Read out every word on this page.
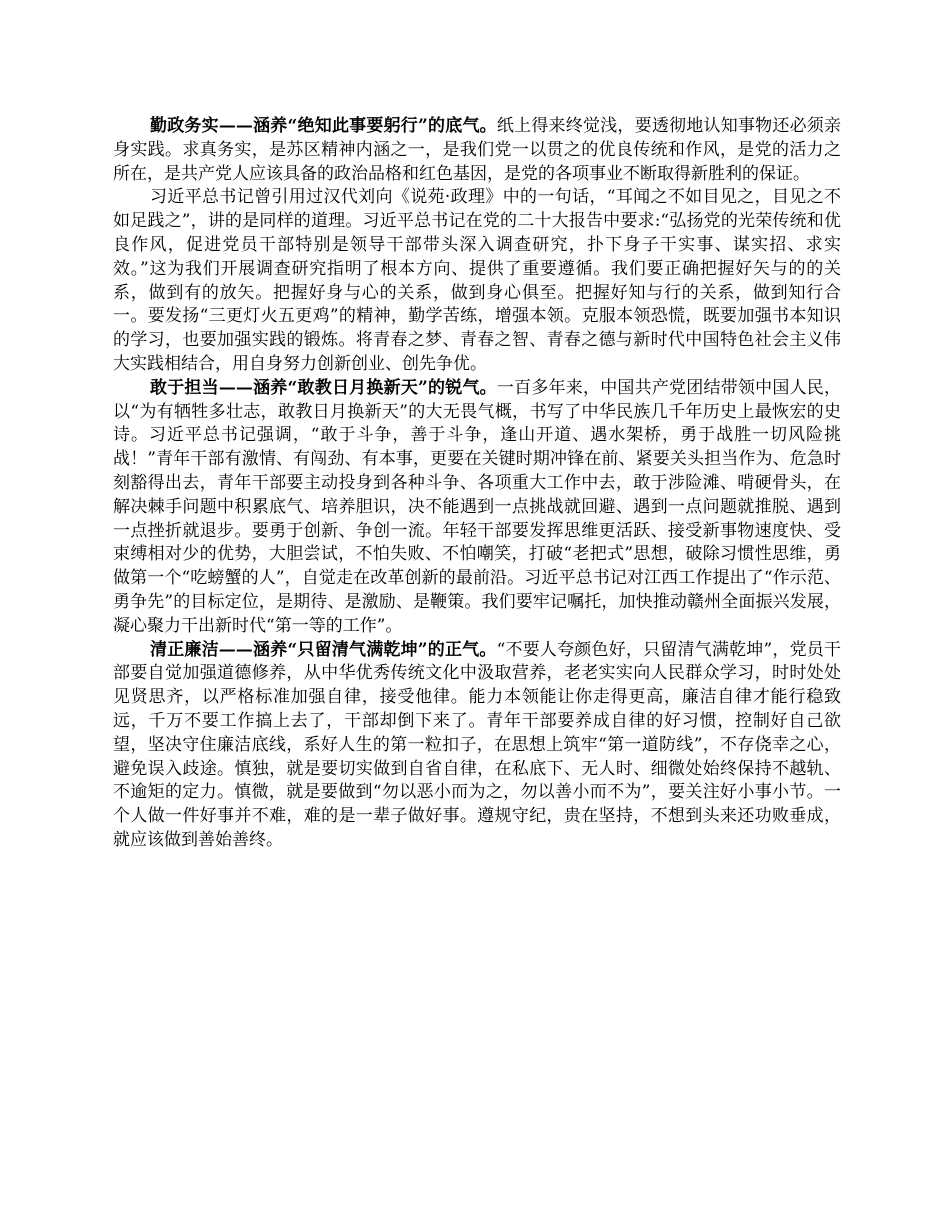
勤政务实——涵养“绝知此事要躬行”的底气。纸上得来终觉浅，要透彻地认知事物还必须亲身实践。求真务实，是苏区精神内涵之一，是我们党一以贯之的优良传统和作风，是党的活力之所在，是共产党人应该具备的政治品格和红色基因，是党的各项事业不断取得新胜利的保证。

习近平总书记曾引用过汉代刘向《说苑·政理》中的一句话，“耳闻之不如目见之，目见之不如足践之”，讲的是同样的道理。习近平总书记在党的二十大报告中要求:“弘扬党的光荣传统和优良作风，促进党员干部特别是领导干部带头深入调查研究，扑下身子干实事、谋实招、求实效。”这为我们开展调查研究指明了根本方向、提供了重要遵循。我们要正确把握好矢与的的关系，做到有的放矢。把握好身与心的关系，做到身心俱至。把握好知与行的关系，做到知行合一。要发扬“三更灯火五更鸡”的精神，勤学苦练，增强本领。克服本领恐慌，既要加强书本知识的学习，也要加强实践的锻炼。将青春之梦、青春之智、青春之德与新时代中国特色社会主义伟大实践相结合，用自身努力创新创业、创先争优。

敢于担当——涵养“敢教日月换新天”的锐气。一百多年来，中国共产党团结带领中国人民，以“为有牺牲多壮志，敢教日月换新天”的大无畏气概，书写了中华民族几千年历史上最恢宏的史诗。习近平总书记强调，“敢于斗争，善于斗争，逢山开道、遇水架桥，勇于战胜一切风险挑战！”青年干部有激情、有闯劲、有本事，更要在关键时期冲锋在前、紧要关头担当作为、危急时刻豁得出去，青年干部要主动投身到各种斗争、各项重大工作中去，敢于涉险滩、啃硬骨头，在解决棘手问题中积累底气、培养胆识，决不能遇到一点挑战就回避、遇到一点问题就推脱、遇到一点挫折就退步。要勇于创新、争创一流。年轻干部要发挥思维更活跃、接受新事物速度快、受束缚相对少的优势，大胆尝试，不怕失败、不怕嘲笑，打破“老把式”思想，破除习惯性思维，勇做第一个“吃螃蟹的人”，自觉走在改革创新的最前沿。习近平总书记对江西工作提出了“作示范、勇争先”的目标定位，是期待、是激励、是鞭策。我们要牢记嘱托，加快推动赣州全面振兴发展，凝心聚力干出新时代“第一等的工作”。

清正廉洁——涵养“只留清气满乾坤”的正气。“不要人夸颜色好，只留清气满乾坤”，党员干部要自觉加强道德修养，从中华优秀传统文化中汲取营养，老老实实向人民群众学习，时时处处见贤思齐，以严格标准加强自律，接受他律。能力本领能让你走得更高，廉洁自律才能行稳致远，千万不要工作搞上去了，干部却倒下来了。青年干部要养成自律的好习惯，控制好自己欲望，坚决守住廉洁底线，系好人生的第一粒扣子，在思想上筑牢“第一道防线”，不存侥幸之心，避免误入歧途。慎独，就是要切实做到自省自律，在私底下、无人时、细微处始终保持不越轨、不逾矩的定力。慎微，就是要做到“勿以恶小而为之，勿以善小而不为”，要关注好小事小节。一个人做一件好事并不难，难的是一辈子做好事。遵规守纪，贵在坚持，不想到头来还功败垂成，就应该做到善始善终。
